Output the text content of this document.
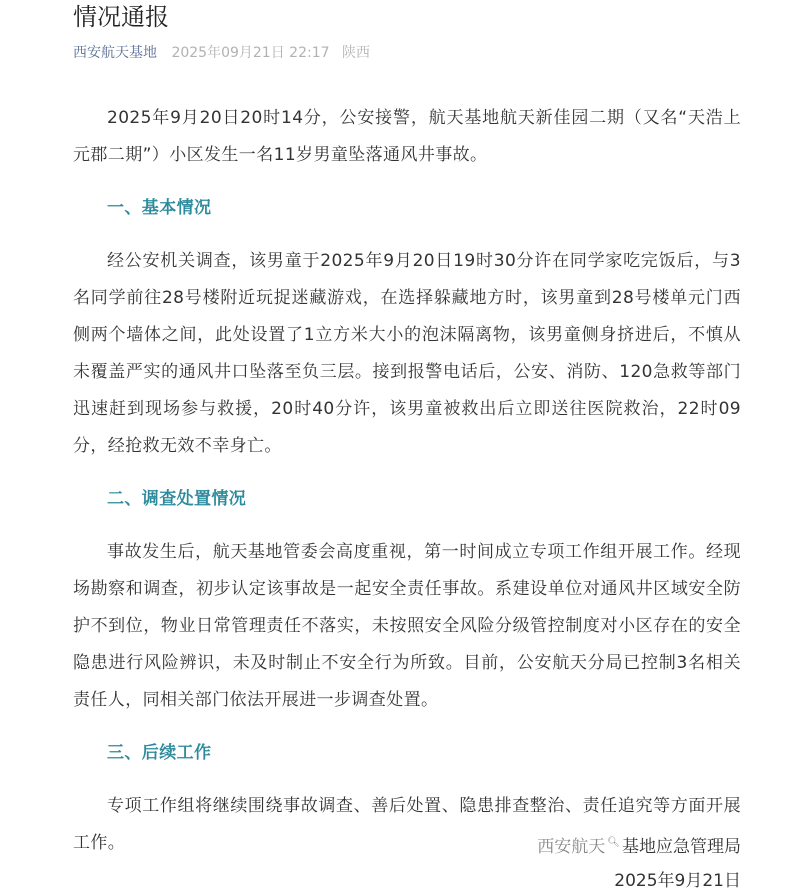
情况通报
西安航天基地 2025年09月21日 22:17 陕西

2025年9月20日20时14分，公安接警，航天基地航天新佳园二期（又名“天浩上元郡二期”）小区发生一名11岁男童坠落通风井事故。

一、基本情况

经公安机关调查，该男童于2025年9月20日19时30分许在同学家吃完饭后，与3名同学前往28号楼附近玩捉迷藏游戏，在选择躲藏地方时，该男童到28号楼单元门西侧两个墙体之间，此处设置了1立方米大小的泡沫隔离物，该男童侧身挤进后，不慎从未覆盖严实的通风井口坠落至负三层。接到报警电话后，公安、消防、120急救等部门迅速赶到现场参与救援，20时40分许，该男童被救出后立即送往医院救治，22时09分，经抢救无效不幸身亡。

二、调查处置情况

事故发生后，航天基地管委会高度重视，第一时间成立专项工作组开展工作。经现场勘察和调查，初步认定该事故是一起安全责任事故。系建设单位对通风井区域安全防护不到位，物业日常管理责任不落实，未按照安全风险分级管控制度对小区存在的安全隐患进行风险辨识，未及时制止不安全行为所致。目前，公安航天分局已控制3名相关责任人，同相关部门依法开展进一步调查处置。

三、后续工作

专项工作组将继续围绕事故调查、善后处置、隐患排查整治、责任追究等方面开展工作。	西安航天 🔍︎ 基地应急管理局
2025年9月21日
